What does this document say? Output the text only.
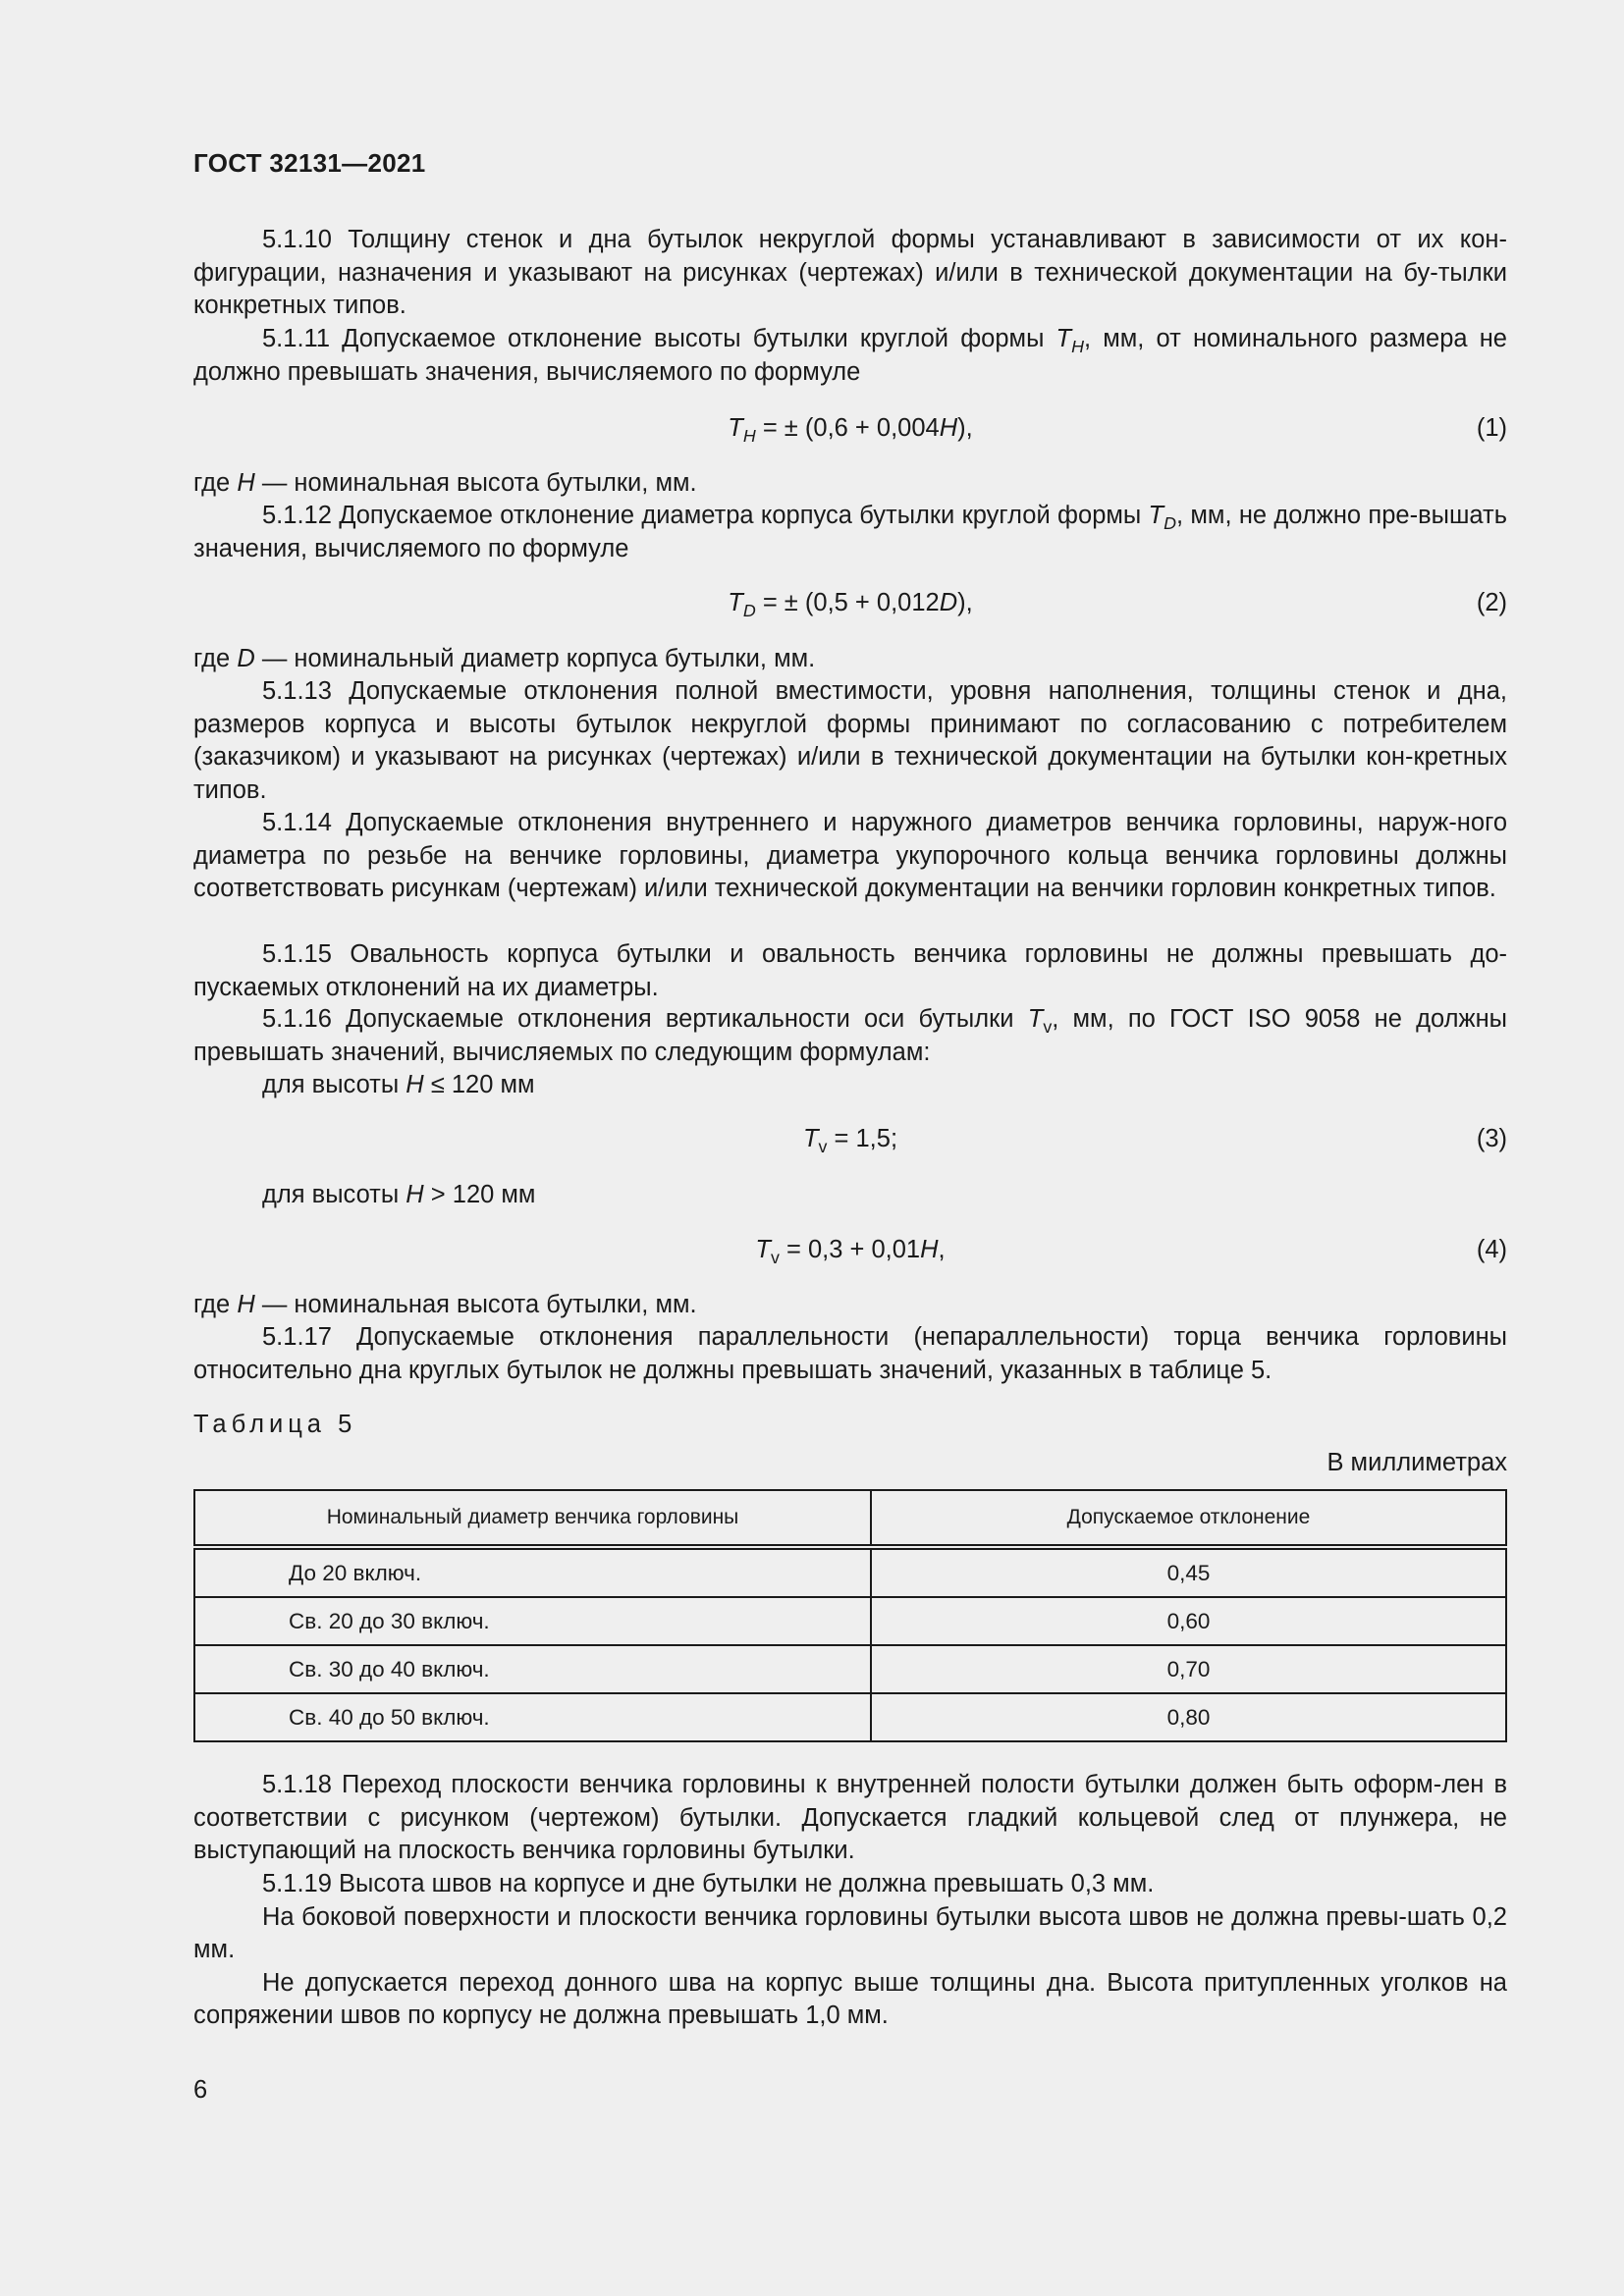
ГОСТ 32131—2021

5.1.10 Толщину стенок и дна бутылок некруглой формы устанавливают в зависимости от их кон-фигурации, назначения и указывают на рисунках (чертежах) и/или в технической документации на бу-тылки конкретных типов.

5.1.11 Допускаемое отклонение высоты бутылки круглой формы $T_H$, мм, от номинального размера не должно превышать значения, вычисляемого по формуле

$T_H$ = ± (0,6 + 0,004H),	(1)

где H — номинальная высота бутылки, мм.

5.1.12 Допускаемое отклонение диаметра корпуса бутылки круглой формы $T_D$, мм, не должно пре-вышать значения, вычисляемого по формуле

$T_D$ = ± (0,5 + 0,012D),	(2)

где D — номинальный диаметр корпуса бутылки, мм.

5.1.13 Допускаемые отклонения полной вместимости, уровня наполнения, толщины стенок и дна, размеров корпуса и высоты бутылок некруглой формы принимают по согласованию с потребителем (заказчиком) и указывают на рисунках (чертежах) и/или в технической документации на бутылки кон-кретных типов.

5.1.14 Допускаемые отклонения внутреннего и наружного диаметров венчика горловины, наруж-ного диаметра по резьбе на венчике горловины, диаметра укупорочного кольца венчика горловины должны соответствовать рисункам (чертежам) и/или технической документации на венчики горловин конкретных типов.

5.1.15 Овальность корпуса бутылки и овальность венчика горловины не должны превышать до-пускаемых отклонений на их диаметры.

5.1.16 Допускаемые отклонения вертикальности оси бутылки $T_v$, мм, по ГОСТ ISO 9058 не должны превышать значений, вычисляемых по следующим формулам:

для высоты H ≤ 120 мм

$T_v = 1,5$;	(3)

для высоты H > 120 мм

$T_v = 0,3 + 0,01H$,	(4)

где H — номинальная высота бутылки, мм.

5.1.17 Допускаемые отклонения параллельности (непараллельности) торца венчика горловины относительно дна круглых бутылок не должны превышать значений, указанных в таблице 5.

Таблица 5
В миллиметрах
Номинальный диаметр венчика горловины	Допускаемое отклонение
До 20 включ.	0,45
Св. 20 до 30 включ.	0,60
Св. 30 до 40 включ.	0,70
Св. 40 до 50 включ.	0,80

5.1.18 Переход плоскости венчика горловины к внутренней полости бутылки должен быть оформ-лен в соответствии с рисунком (чертежом) бутылки. Допускается гладкий кольцевой след от плунжера, не выступающий на плоскость венчика горловины бутылки.

5.1.19 Высота швов на корпусе и дне бутылки не должна превышать 0,3 мм.

На боковой поверхности и плоскости венчика горловины бутылки высота швов не должна превы-шать 0,2 мм.

Не допускается переход донного шва на корпус выше толщины дна. Высота притупленных уголков на сопряжении швов по корпусу не должна превышать 1,0 мм.

6
